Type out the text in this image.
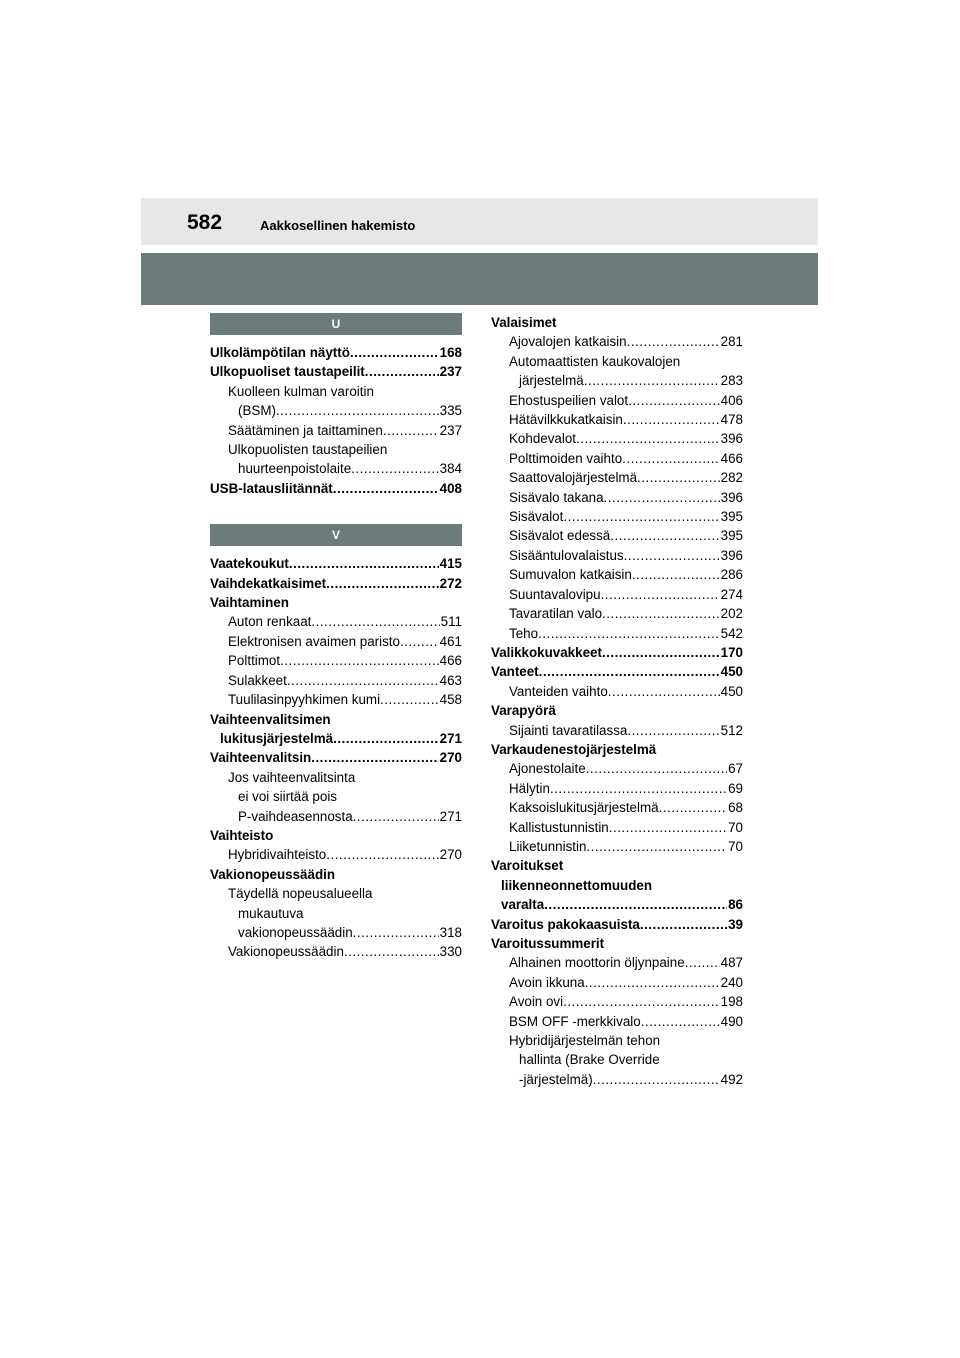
582	Aakkosellinen hakemisto
U
Ulkolämpötilan näyttö .....	168
Ulkopuoliset taustapeilit .....	237
Kuolleen kulman varoitin
(BSM) .....	335
Säätäminen ja taittaminen .....	237
Ulkopuolisten taustapeilien
huurteenpoistolaite .....	384
USB-latausliitännät .....	408
V
Vaatekoukut .....	415
Vaihdekatkaisimet .....	272
Vaihtaminen
Auton renkaat .....	511
Elektronisen avaimen paristo .....	461
Polttimot .....	466
Sulakkeet .....	463
Tuulilasinpyyhkimen kumi .....	458
Vaihteenvalitsimen
lukitusjärjestelmä .....	271
Vaihteenvalitsin .....	270
Jos vaihteenvalitsinta
ei voi siirtää pois
P-vaihdeasennosta .....	271
Vaihteisto
Hybridivaihteisto .....	270
Vakionopeussäädin
Täydellä nopeusalueella
mukautuva
vakionopeussäädin .....	318
Vakionopeussäädin .....	330
Valaisimet
Ajovalojen katkaisin .....	281
Automaattisten kaukovalojen
järjestelmä .....	283
Ehostuspeilien valot .....	406
Hätävilkkukatkaisin .....	478
Kohdevalot .....	396
Polttimoiden vaihto .....	466
Saattovalojärjestelmä .....	282
Sisävalo takana .....	396
Sisävalot .....	395
Sisävalot edessä .....	395
Sisääntulovalaistus .....	396
Sumuvalon katkaisin .....	286
Suuntavalovipu .....	274
Tavaratilan valo .....	202
Teho .....	542
Valikkokuvakkeet .....	170
Vanteet .....	450
Vanteiden vaihto .....	450
Varapyörä
Sijainti tavaratilassa .....	512
Varkaudenestojärjestelmä
Ajonestolaite .....	67
Hälytin .....	69
Kaksoislukitusjärjestelmä .....	68
Kallistustunnistin .....	70
Liiketunnistin .....	70
Varoitukset
liikenneonnettomuuden
varalta .....	86
Varoitus pakokaasuista .....	39
Varoitussummerit
Alhainen moottorin öljynpaine .....	487
Avoin ikkuna .....	240
Avoin ovi .....	198
BSM OFF -merkkivalo .....	490
Hybridijärjestelmän tehon
hallinta (Brake Override
-järjestelmä) .....	492
